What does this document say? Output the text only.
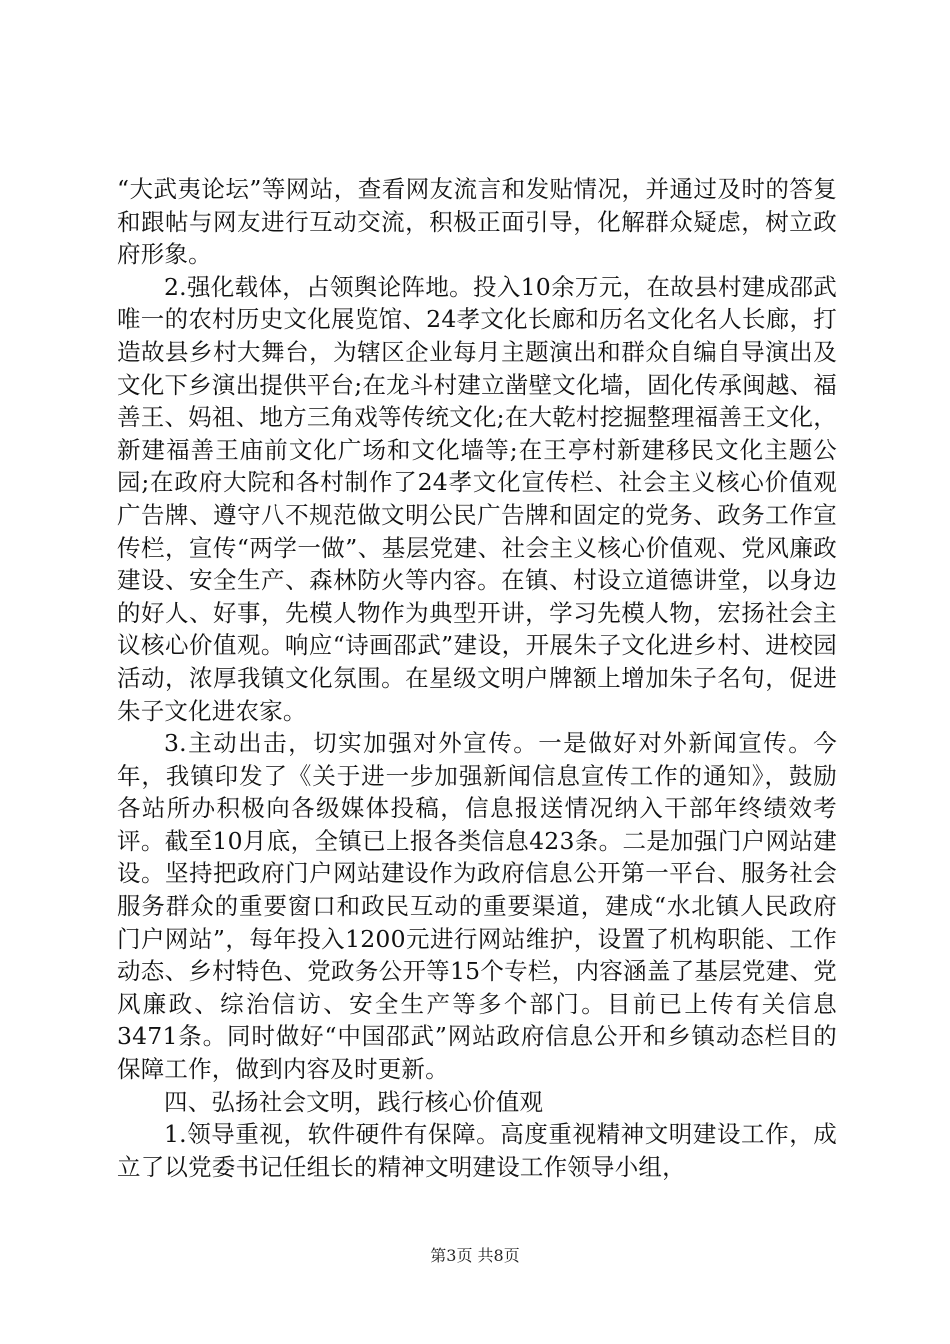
“大武夷论坛”等网站，查看网友流言和发贴情况，并通过及时的答复和跟帖与网友进行互动交流，积极正面引导，化解群众疑虑，树立政府形象。

2.强化载体，占领舆论阵地。投入10余万元，在故县村建成邵武唯一的农村历史文化展览馆、24孝文化长廊和历名文化名人长廊，打造故县乡村大舞台，为辖区企业每月主题演出和群众自编自导演出及文化下乡演出提供平台;在龙斗村建立凿壁文化墙，固化传承闽越、福善王、妈祖、地方三角戏等传统文化;在大乾村挖掘整理福善王文化，新建福善王庙前文化广场和文化墙等;在王亭村新建移民文化主题公园;在政府大院和各村制作了24孝文化宣传栏、社会主义核心价值观广告牌、遵守八不规范做文明公民广告牌和固定的党务、政务工作宣传栏，宣传“两学一做”、基层党建、社会主义核心价值观、党风廉政建设、安全生产、森林防火等内容。在镇、村设立道德讲堂，以身边的好人、好事，先模人物作为典型开讲，学习先模人物，宏扬社会主议核心价值观。响应“诗画邵武”建设，开展朱子文化进乡村、进校园活动，浓厚我镇文化氛围。在星级文明户牌额上增加朱子名句，促进朱子文化进农家。

3.主动出击，切实加强对外宣传。一是做好对外新闻宣传。今年，我镇印发了《关于进一步加强新闻信息宣传工作的通知》，鼓励各站所办积极向各级媒体投稿，信息报送情况纳入干部年终绩效考评。截至10月底，全镇已上报各类信息423条。二是加强门户网站建设。坚持把政府门户网站建设作为政府信息公开第一平台、服务社会服务群众的重要窗口和政民互动的重要渠道，建成“水北镇人民政府门户网站”，每年投入1200元进行网站维护，设置了机构职能、工作动态、乡村特色、党政务公开等15个专栏，内容涵盖了基层党建、党风廉政、综治信访、安全生产等多个部门。目前已上传有关信息3471条。同时做好“中国邵武”网站政府信息公开和乡镇动态栏目的保障工作，做到内容及时更新。

四、弘扬社会文明，践行核心价值观

1.领导重视，软件硬件有保障。高度重视精神文明建设工作，成立了以党委书记任组长的精神文明建设工作领导小组，

第3页 共8页
